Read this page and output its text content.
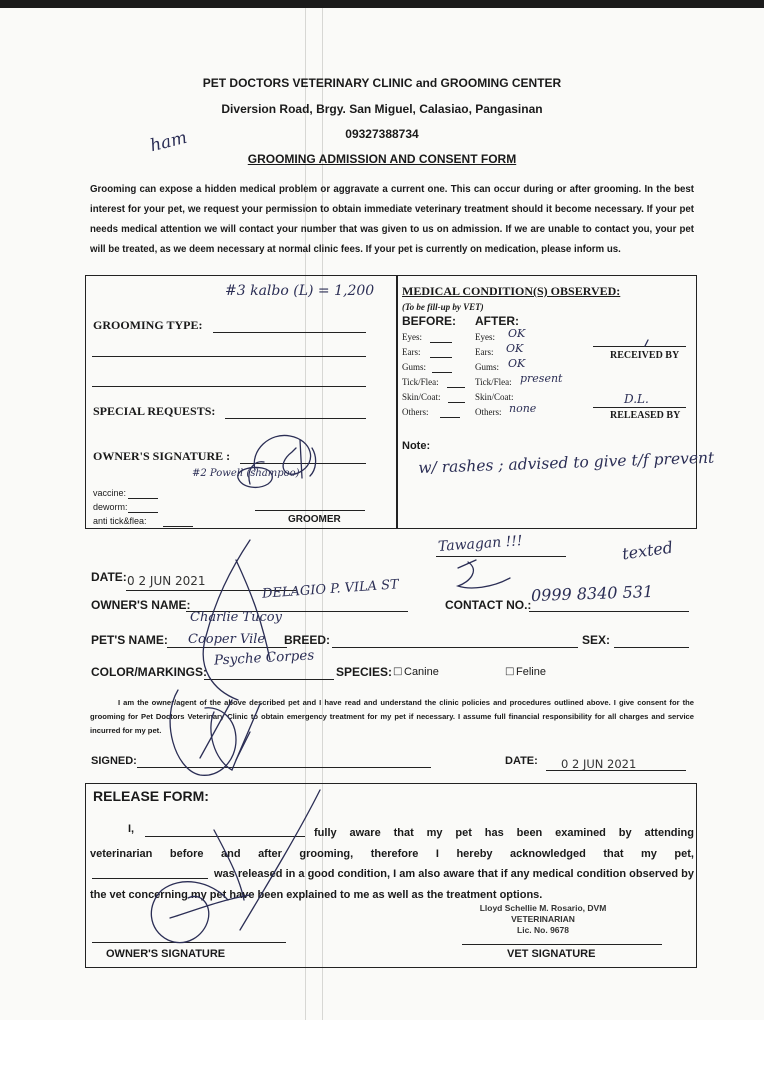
PET DOCTORS VETERINARY CLINIC and GROOMING CENTER
Diversion Road, Brgy. San Miguel, Calasiao, Pangasinan
09327388734
GROOMING ADMISSION AND CONSENT FORM
ham
Grooming can expose a hidden medical problem or aggravate a current one. This can occur during or after grooming. In the best interest for your pet, we request your permission to obtain immediate veterinary treatment should it become necessary. If your pet needs medical attention we will contact your number that was given to us on admission. If we are unable to contact you, your pet will be treated, as we deem necessary at normal clinic fees. If your pet is currently on medication, please inform us.
#3 kalbo (L) = 1,200
GROOMING TYPE:
SPECIAL REQUESTS:
OWNER'S SIGNATURE :
#2 Powell (shampoo)
vaccine:
deworm:
anti tick&flea:	GROOMER
MEDICAL CONDITION(S) OBSERVED:
(To be fill-up by VET)
BEFORE: AFTER:
Eyes:	Eyes: OK
Ears:	Ears: OK
Gums:	Gums: OK
Tick/Flea:	Tick/Flea: present
Skin/Coat:	Skin/Coat:
Others:	Others: none
RECEIVED BY
D.L.
RELEASED BY
Note:
w/ rashes ; advised to give t/f prevent
Tawagan !!!	texted
DATE: 0 2 JUN 2021	DELAGIO P. VILA ST
OWNER'S NAME:	CONTACT NO.: 0999 8340 531
Charlie Tucoy
PET'S NAME: Cooper Vile BREED:	SEX:
COLOR/MARKINGS:
Psyche Corpes
SPECIES: □ Canine	□ Feline
I am the owner/agent of the above described pet and I have read and understand the clinic policies and procedures outlined above. I give consent for the grooming for Pet Doctors Veterinary Clinic to obtain emergency treatment for my pet if necessary. I assume full financial responsibility for all charges and service incurred for my pet.
SIGNED:	DATE: 0 2 JUN 2021
RELEASE FORM:
I,	fully aware that my pet has been examined by attending
veterinarian before and after grooming, therefore I hereby acknowledged that my pet,
was released in a good condition, I am also aware that if any medical condition observed by the vet concerning my pet have been explained to me as well as the treatment options.
Lloyd Schellie M. Rosario, DVM
VETERINARIAN
Lic. No. 9678
OWNER'S SIGNATURE	VET SIGNATURE
